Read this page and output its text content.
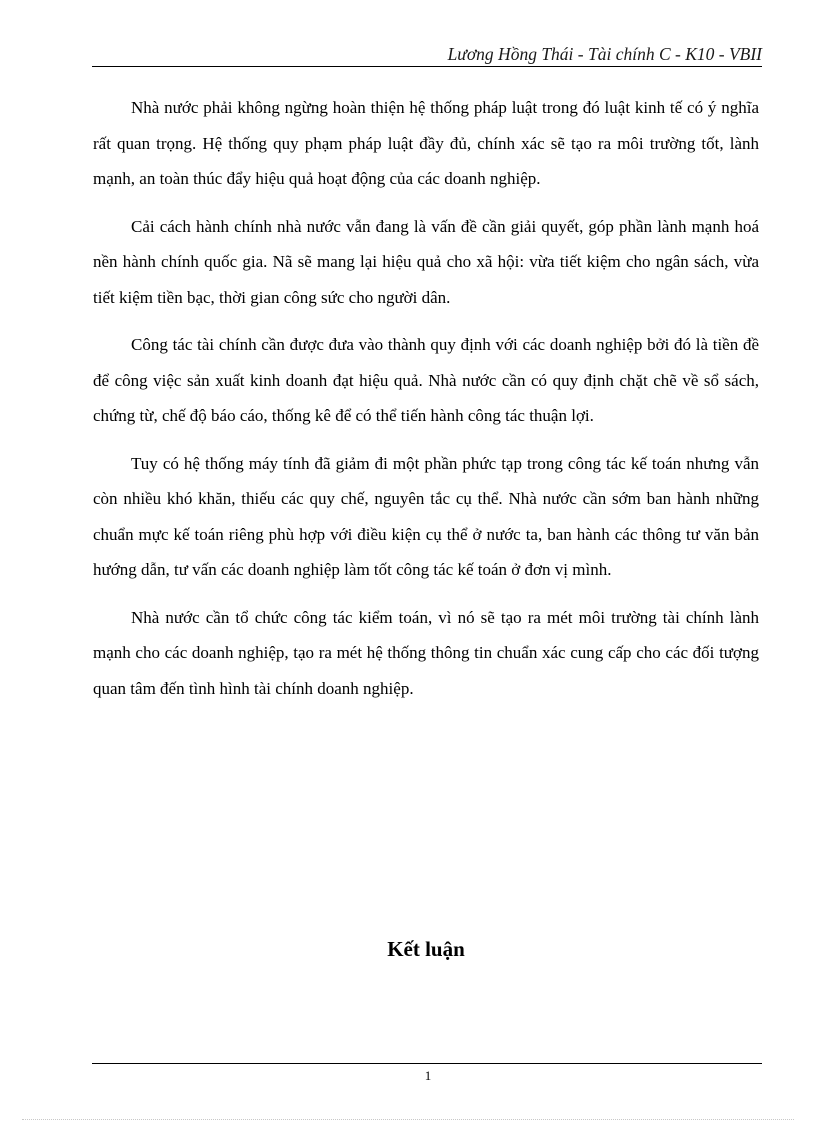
Lương Hồng Thái - Tài chính C - K10 - VBII

Nhà nước phải không ngừng hoàn thiện hệ thống pháp luật trong đó luật kinh tế có ý nghĩa rất quan trọng. Hệ thống quy phạm pháp luật đầy đủ, chính xác sẽ tạo ra môi trường tốt, lành mạnh, an toàn thúc đẩy hiệu quả hoạt động của các doanh nghiệp.

Cải cách hành chính nhà nước vẫn đang là vấn đề cần giải quyết, góp phần lành mạnh hoá nền hành chính quốc gia. Nã sẽ mang lại hiệu quả cho xã hội: vừa tiết kiệm cho ngân sách, vừa tiết kiệm tiền bạc, thời gian công sức cho người dân.

Công tác tài chính cần được đưa vào thành quy định với các doanh nghiệp bởi đó là tiền đề để công việc sản xuất kinh doanh đạt hiệu quả. Nhà nước cần có quy định chặt chẽ về sổ sách, chứng từ, chế độ báo cáo, thống kê để có thể tiến hành công tác thuận lợi.

Tuy có hệ thống máy tính đã giảm đi một phần phức tạp trong công tác kế toán nhưng vẫn còn nhiều khó khăn, thiếu các quy chế, nguyên tắc cụ thể. Nhà nước cần sớm ban hành những chuẩn mực kế toán riêng phù hợp với điều kiện cụ thể ở nước ta, ban hành các thông tư văn bản hướng dẫn, tư vấn các doanh nghiệp làm tốt công tác kế toán ở đơn vị mình.

Nhà nước cần tổ chức công tác kiểm toán, vì nó sẽ tạo ra mét môi trường tài chính lành mạnh cho các doanh nghiệp, tạo ra mét hệ thống thông tin chuẩn xác cung cấp cho các đối tượng quan tâm đến tình hình tài chính doanh nghiệp.

Kết luận
1
